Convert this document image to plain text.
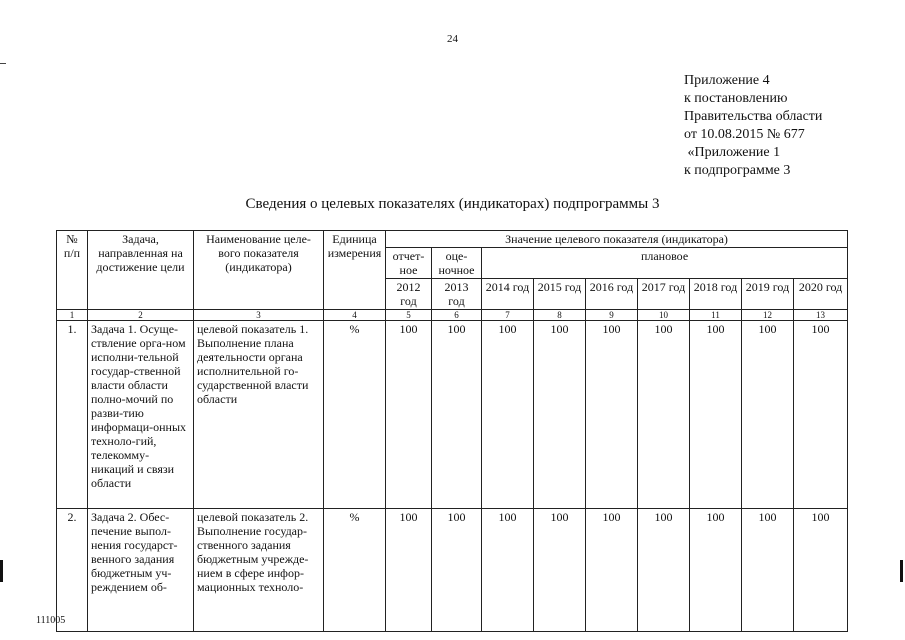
24
Приложение 4
к постановлению
Правительства области
от 10.08.2015 № 677
«Приложение 1
к подпрограмме 3
Сведения о целевых показателях (индикаторах) подпрограммы 3
№ п/п	Задача, направленная на достижение цели	Наименование целе-вого показателя (индикатора)	Единица измерения	Значение целевого показателя (индикатора)								
				отчет-ное	оце-ночное	плановое						
				2012 год	2013 год	2014 год	2015 год	2016 год	2017 год	2018 год	2019 год	2020 год
1	2	3	4	5	6	7	8	9	10	11	12	13
1.	Задача 1. Осуще-ствление орга-ном исполни-тельной государ-ственной власти области полно-мочий по разви-тию информаци-онных техноло-гий, телекомму-никаций и связи области	целевой показатель 1. Выполнение плана деятельности органа исполнительной го-сударственной власти области	%	100	100	100	100	100	100	100	100	100
2.	Задача 2. Обес-печение выпол-нения государст-венного задания бюджетным уч-реждением об-	целевой показатель 2. Выполнение государ-ственного задания бюджетным учрежде-нием в сфере инфор-мационных техноло-	%	100	100	100	100	100	100	100	100	100
111005
